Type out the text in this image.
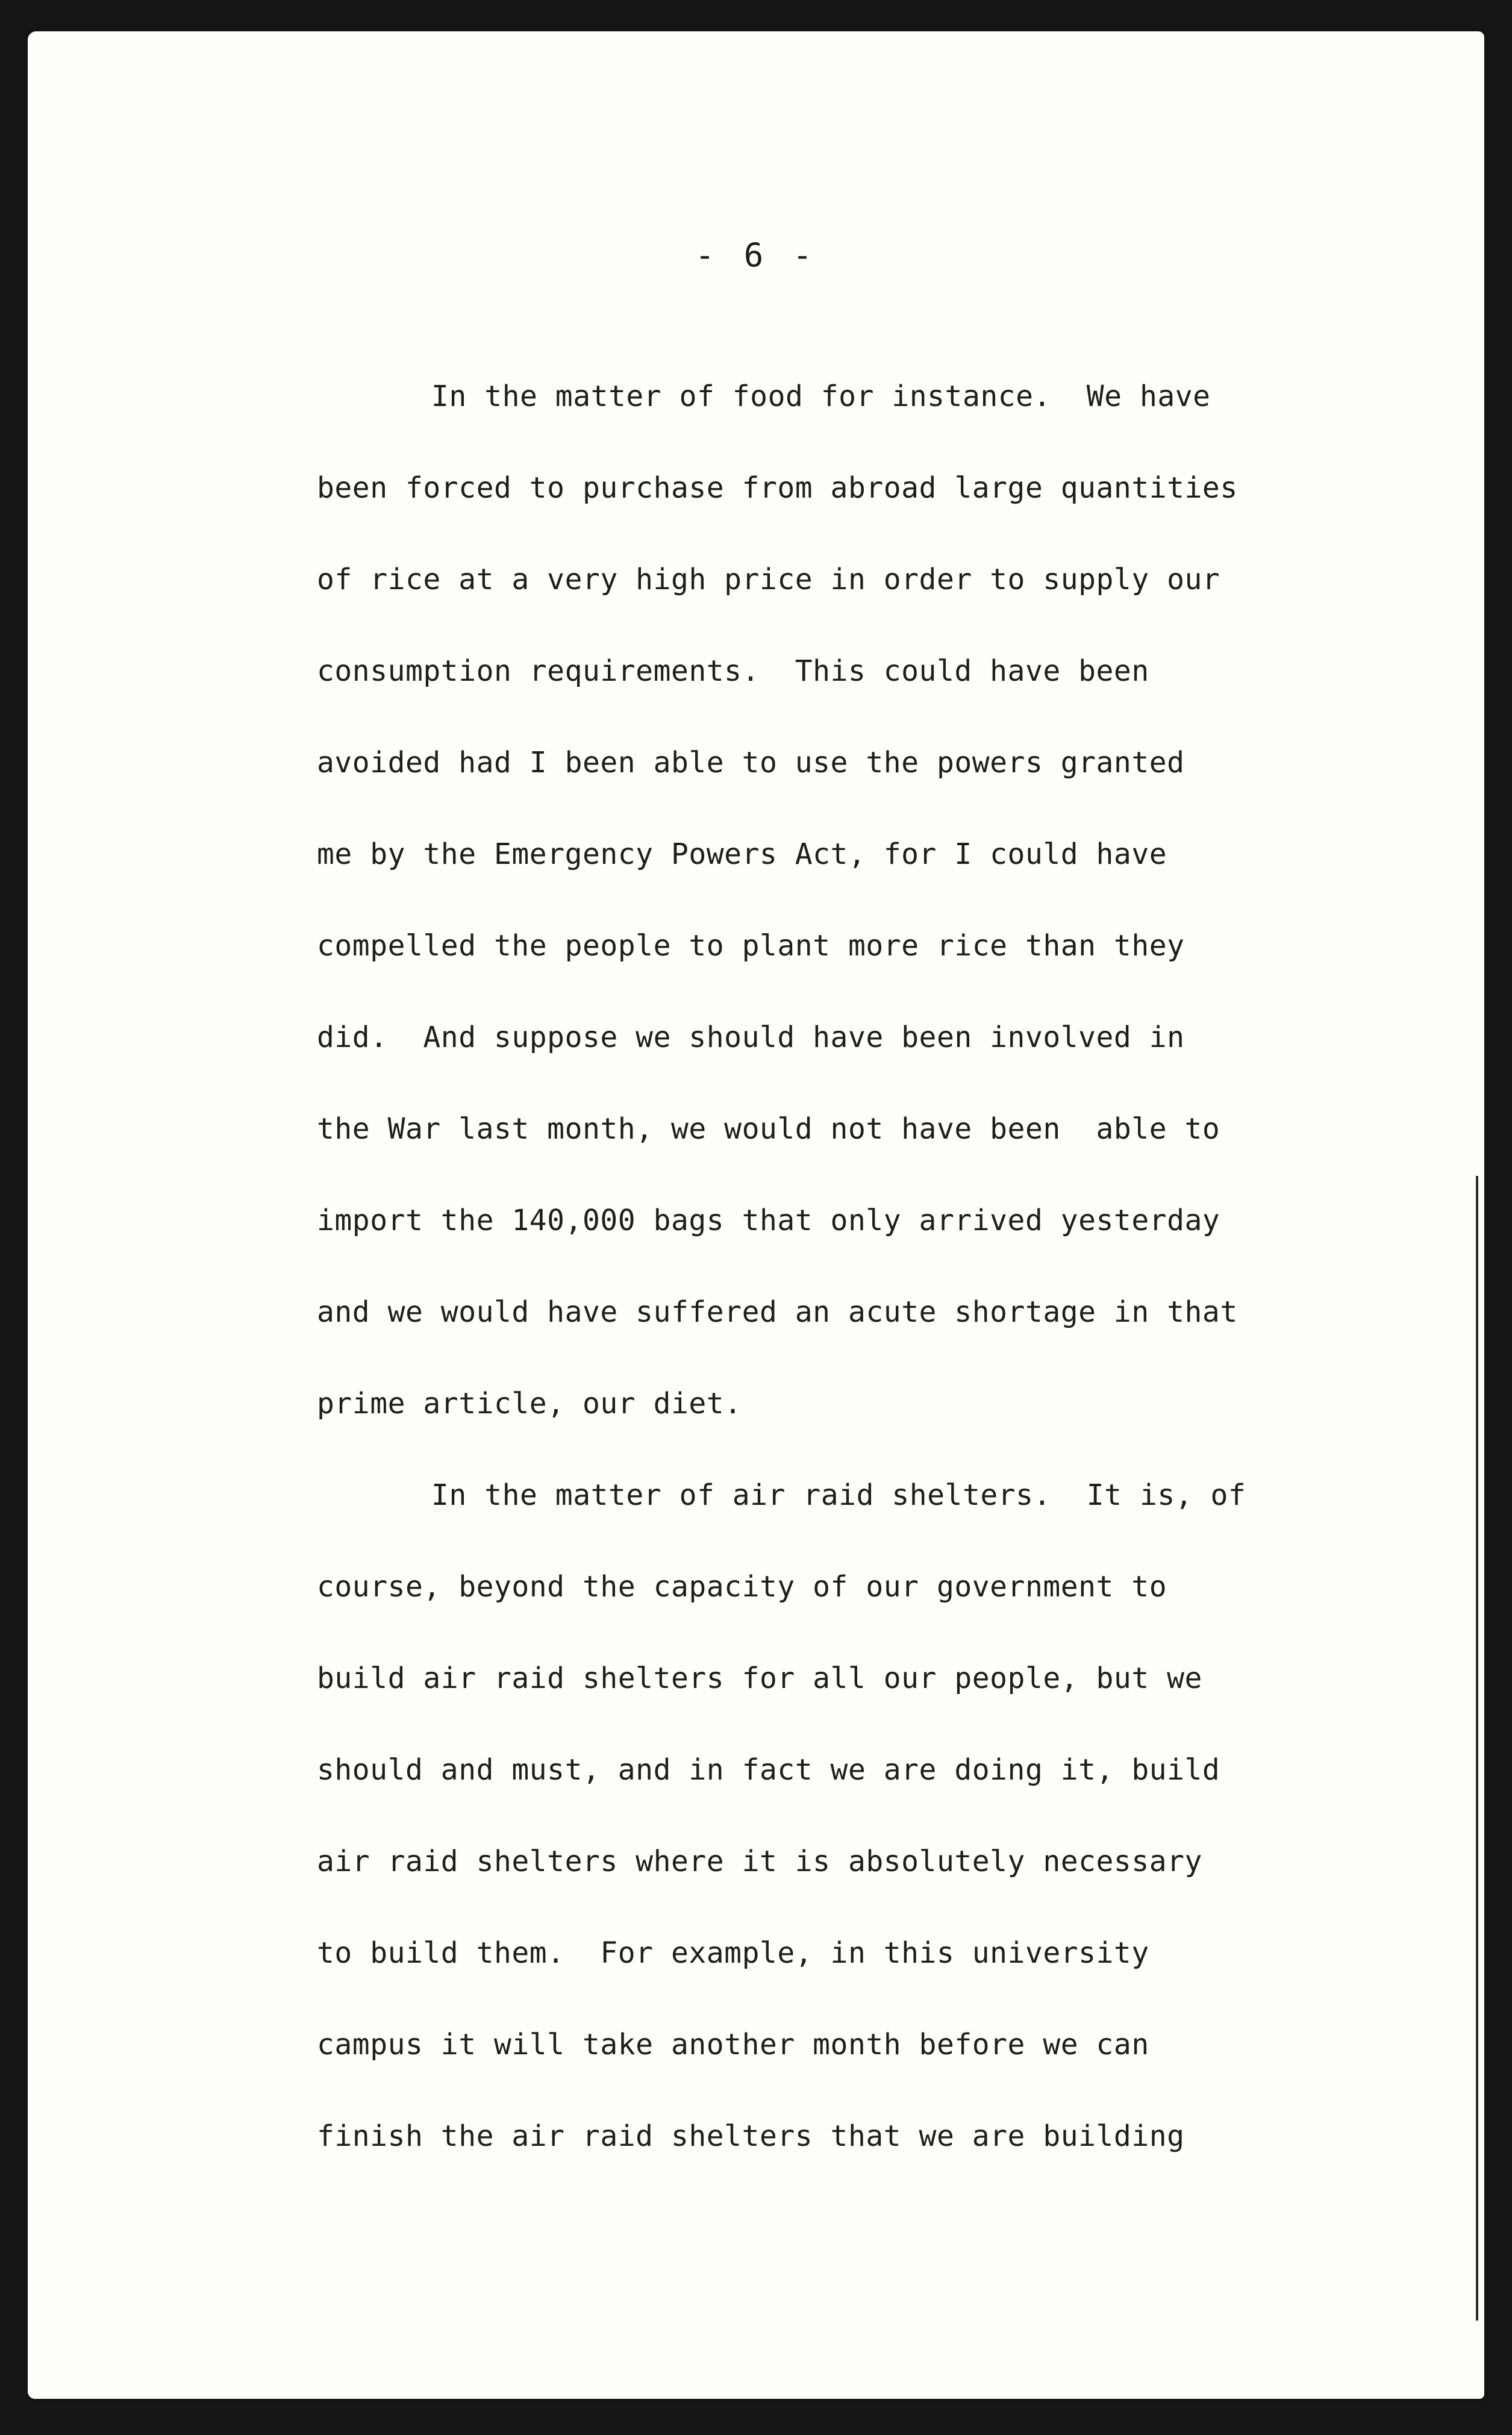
- 6 -
In the matter of food for instance.  We have
been forced to purchase from abroad large quantities
of rice at a very high price in order to supply our
consumption requirements.  This could have been
avoided had I been able to use the powers granted
me by the Emergency Powers Act, for I could have
compelled the people to plant more rice than they
did.  And suppose we should have been involved in
the War last month, we would not have been  able to
import the 140,000 bags that only arrived yesterday
and we would have suffered an acute shortage in that
prime article, our diet.
In the matter of air raid shelters.  It is, of
course, beyond the capacity of our government to
build air raid shelters for all our people, but we
should and must, and in fact we are doing it, build
air raid shelters where it is absolutely necessary
to build them.  For example, in this university
campus it will take another month before we can
finish the air raid shelters that we are building
